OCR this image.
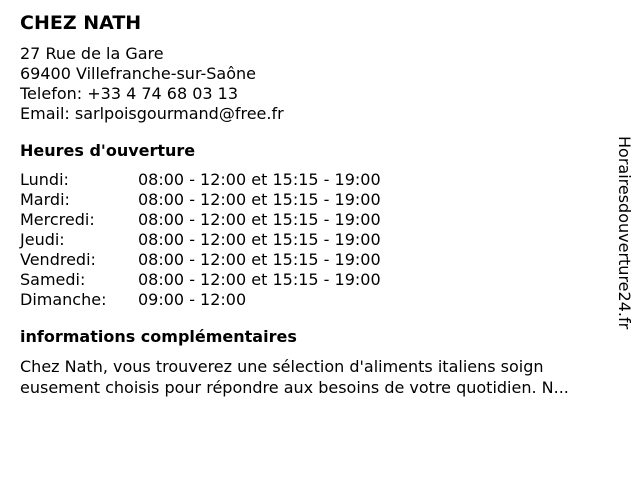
CHEZ NATH
27 Rue de la Gare
69400 Villefranche-sur-Saône
Telefon: +33 4 74 68 03 13
Email: sarlpoisgourmand@free.fr
Heures d'ouverture
Lundi:	08:00 - 12:00 et 15:15 - 19:00
Mardi:	08:00 - 12:00 et 15:15 - 19:00
Mercredi:	08:00 - 12:00 et 15:15 - 19:00
Jeudi:	08:00 - 12:00 et 15:15 - 19:00
Vendredi:	08:00 - 12:00 et 15:15 - 19:00
Samedi:	08:00 - 12:00 et 15:15 - 19:00
Dimanche: 09:00 - 12:00
informations complémentaires
Chez Nath, vous trouverez une sélection d'aliments italiens soign
eusement choisis pour répondre aux besoins de votre quotidien. N...
Horairesdouverture24.fr
